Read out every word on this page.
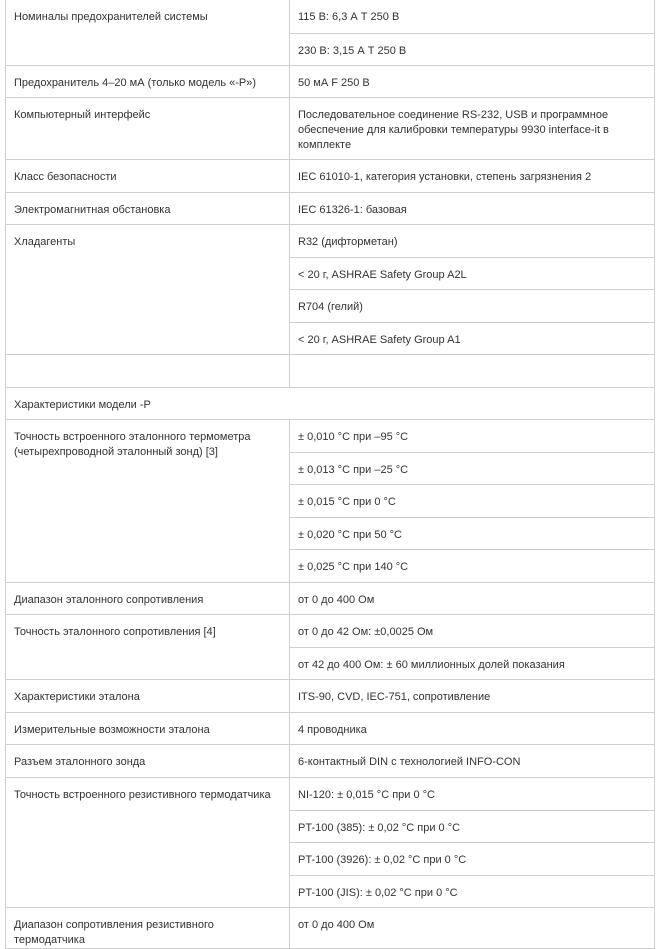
Номиналы предохранителей системы	115 В: 6,3 А Т 250 В

	230 В: 3,15 А Т 250 В

Предохранитель 4–20 мА (только модель «-P»)	50 мА F 250 В

Компьютерный интерфейс	Последовательное соединение RS-232, USB и программное обеспечение для калибровки температуры 9930 interface-it в комплекте

Класс безопасности	IEC 61010-1, категория установки, степень загрязнения 2

Электромагнитная обстановка	IEC 61326-1: базовая

Хладагенты	R32 (дифторметан)

	< 20 г, ASHRAE Safety Group A2L

	R704 (гелий)

	< 20 г, ASHRAE Safety Group A1

Характеристики модели -P	

Точность встроенного эталонного термометра (четырехпроводной эталонный зонд) [3]	± 0,010 °C при –95 °C

	± 0,013 °C при –25 °C

	± 0,015 °C при 0 °C

	± 0,020 °C при 50 °C

	± 0,025 °C при 140 °C

Диапазон эталонного сопротивления	от 0 до 400 Ом

Точность эталонного сопротивления [4]	от 0 до 42 Ом: ±0,0025 Ом

	от 42 до 400 Ом: ± 60 миллионных долей показания

Характеристики эталона	ITS-90, CVD, IEC-751, сопротивление

Измерительные возможности эталона	4 проводника

Разъем эталонного зонда	6-контактный DIN с технологией INFO-CON

Точность встроенного резистивного термодатчика	NI-120: ± 0,015 °C при 0 °C

	PT-100 (385): ± 0,02 °C при 0 °C

	PT-100 (3926): ± 0,02 °C при 0 °C

	PT-100 (JIS): ± 0,02 °C при 0 °C

Диапазон сопротивления резистивного термодатчика	от 0 до 400 Ом
